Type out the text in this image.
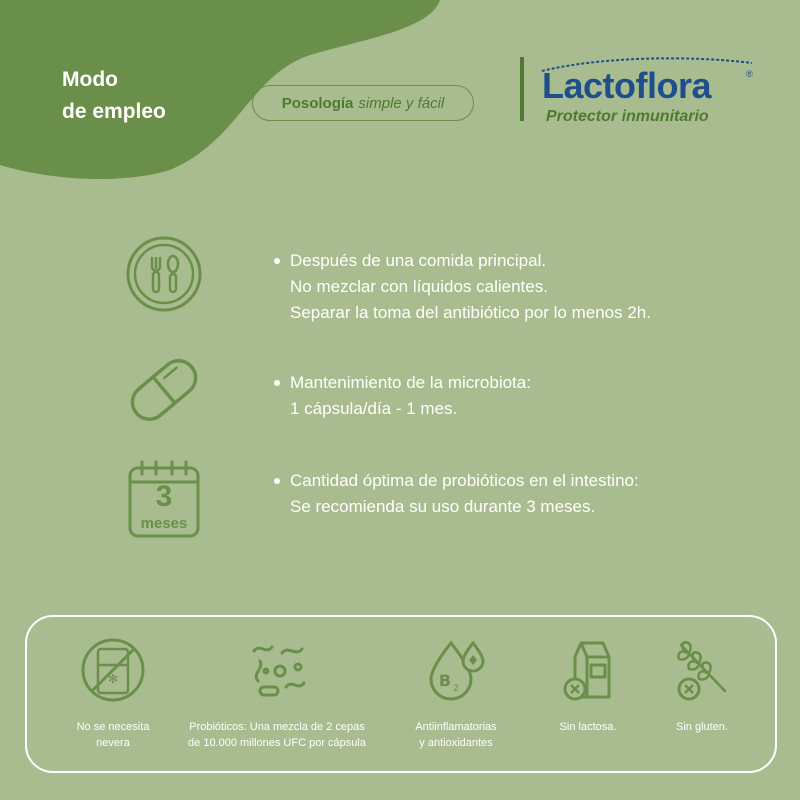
Modo
de empleo	Posología simple y fácil	Lactoflora	®
Protector inmunitario
Después de una comida principal.
No mezclar con líquidos calientes.
Separar la toma del antibiótico por lo menos 2h.
Mantenimiento de la microbiota:
1 cápsula/día - 1 mes.
3
meses
Cantidad óptima de probióticos en el intestino:
Se recomienda su uso durante 3 meses.
✻
No se necesita
nevera
Probióticos: Una mezcla de 2 cepas
de 10.000 millones UFC por cápsula
B 2
Antiinflamatorias
y antioxidantes
Sin lactosa.	Sin gluten.
